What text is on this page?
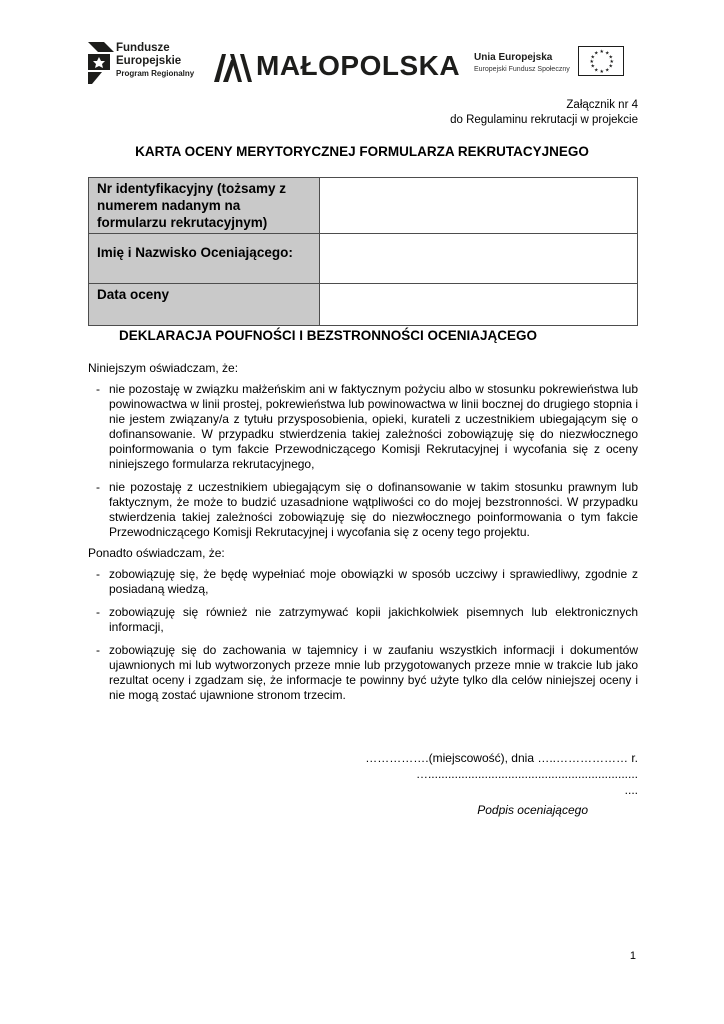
Fundusze
Europejskie
Program Regionalny MAŁOPOLSKA Unia Europejska
Europejski Fundusz Społeczny
★ ★
★
★
★
★
★
★
★
★
★
★
Załącznik nr 4
do Regulaminu rekrutacji w projekcie
KARTA OCENY MERYTORYCZNEJ FORMULARZA REKRUTACYJNEGO
Nr identyfikacyjny (tożsamy z numerem nadanym na formularzu rekrutacyjnym)	
Imię i Nazwisko Oceniającego:	
Data oceny	
DEKLARACJA POUFNOŚCI I BEZSTRONNOŚCI OCENIAJĄCEGO

Niniejszym oświadczam, że:

- nie pozostaję w związku małżeńskim ani w faktycznym pożyciu albo w stosunku pokrewieństwa lub powinowactwa w linii prostej, pokrewieństwa lub powinowactwa w linii bocznej do drugiego stopnia i nie jestem związany/a z tytułu przysposobienia, opieki, kurateli z uczestnikiem ubiegającym się o dofinansowanie. W przypadku stwierdzenia takiej zależności zobowiązuję się do niezwłocznego poinformowania o tym fakcie Przewodniczącego Komisji Rekrutacyjnej i wycofania się z oceny niniejszego formularza rekrutacyjnego,
- nie pozostaję z uczestnikiem ubiegającym się o dofinansowanie w takim stosunku prawnym lub faktycznym, że może to budzić uzasadnione wątpliwości co do mojej bezstronności. W przypadku stwierdzenia takiej zależności zobowiązuję się do niezwłocznego poinformowania o tym fakcie Przewodniczącego Komisji Rekrutacyjnej i wycofania się z oceny tego projektu.

Ponadto oświadczam, że:

- zobowiązuję się, że będę wypełniać moje obowiązki w sposób uczciwy i sprawiedliwy, zgodnie z posiadaną wiedzą,
- zobowiązuję się również nie zatrzymywać kopii jakichkolwiek pisemnych lub elektronicznych informacji,
- zobowiązuję się do zachowania w tajemnicy i w zaufaniu wszystkich informacji i dokumentów ujawnionych mi lub wytworzonych przeze mnie lub przygotowanych przeze mnie w trakcie lub jako rezultat oceny i zgadzam się, że informacje te powinny być użyte tylko dla celów niniejszej oceny i nie mogą zostać ujawnione stronom trzecim.
…………….(miejscowość), dnia …..……………… r.
…...............................................................
....
Podpis oceniającego
1
